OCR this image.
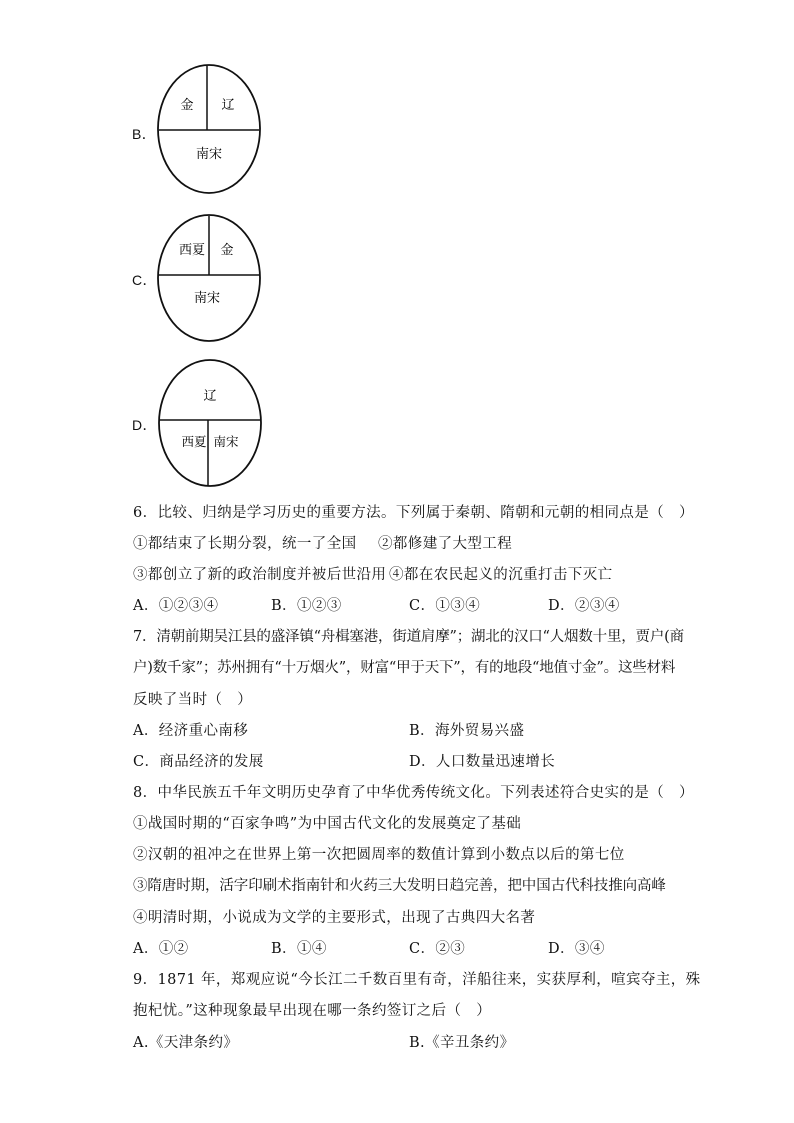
B．
金 辽
南宋
C．
西夏 金
南宋
D．
辽
西夏 南宋
6．比较、归纳是学习历史的重要方法。下列属于秦朝、隋朝和元朝的相同点是（　）
①都结束了长期分裂，统一了全国 ②都修建了大型工程
③都创立了新的政治制度并被后世沿用 ④都在农民起义的沉重打击下灭亡
A．①②③④	B．①②③	C．①③④	D．②③④
7．清朝前期吴江县的盛泽镇“舟楫塞港，街道肩摩”；湖北的汉口“人烟数十里，贾户(商
户)数千家”；苏州拥有“十万烟火”，财富“甲于天下”，有的地段“地值寸金”。这些材料
反映了当时（　）
A．经济重心南移	B．海外贸易兴盛
C．商品经济的发展	D．人口数量迅速增长
8．中华民族五千年文明历史孕育了中华优秀传统文化。下列表述符合史实的是（　）
①战国时期的“百家争鸣”为中国古代文化的发展奠定了基础
②汉朝的祖冲之在世界上第一次把圆周率的数值计算到小数点以后的第七位
③隋唐时期，活字印刷术指南针和火药三大发明日趋完善，把中国古代科技推向高峰
④明清时期，小说成为文学的主要形式，出现了古典四大名著
A．①②	B．①④	C．②③	D．③④
9．1871 年，郑观应说“今长江二千数百里有奇，洋船往来，实获厚利，喧宾夺主，殊
抱杞忧。”这种现象最早出现在哪一条约签订之后（　）
A.《天津条约》	B.《辛丑条约》
